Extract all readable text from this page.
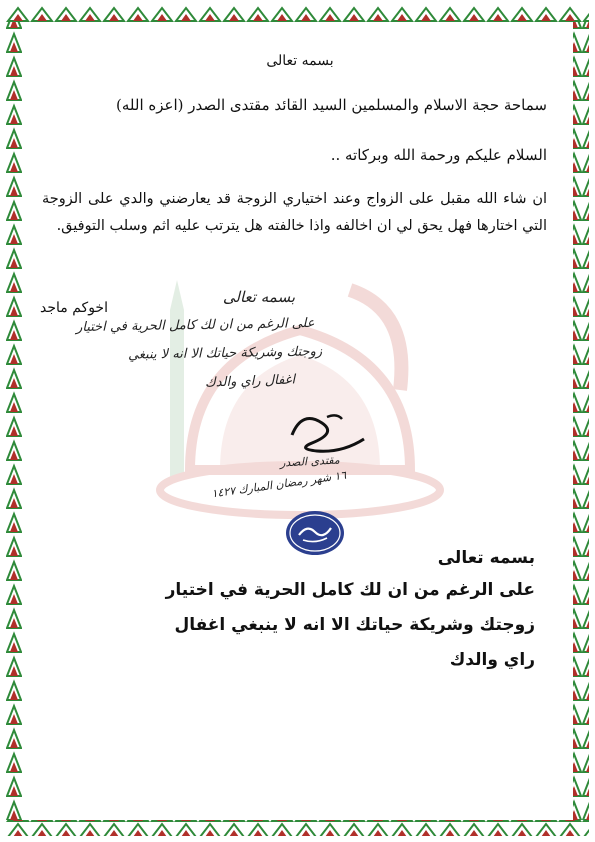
بسمه تعالى
سماحة حجة الاسلام والمسلمين السيد القائد مقتدى الصدر (اعزه الله)
السلام عليكم ورحمة الله وبركاته ..
ان شاء الله مقبل على الزواج وعند اختياري الزوجة قد يعارضني والدي على الزوجة التي اختارها فهل يحق لي ان اخالفه واذا خالفته هل يترتب عليه اثم وسلب التوفيق.
اخوكم ماجد
بسمه تعالى
على الرغم من ان لك كامل الحرية في اختيار
زوجتك وشريكة حياتك الا انه لا ينبغي
اغفال راي والدك
مقتدى الصدر
١٦ شهر رمضان المبارك ١٤٢٧
بسمه تعالى
على الرغم من ان لك كامل الحرية في اختيار
زوجتك وشريكة حياتك الا انه لا ينبغي اغفال
راي والدك
